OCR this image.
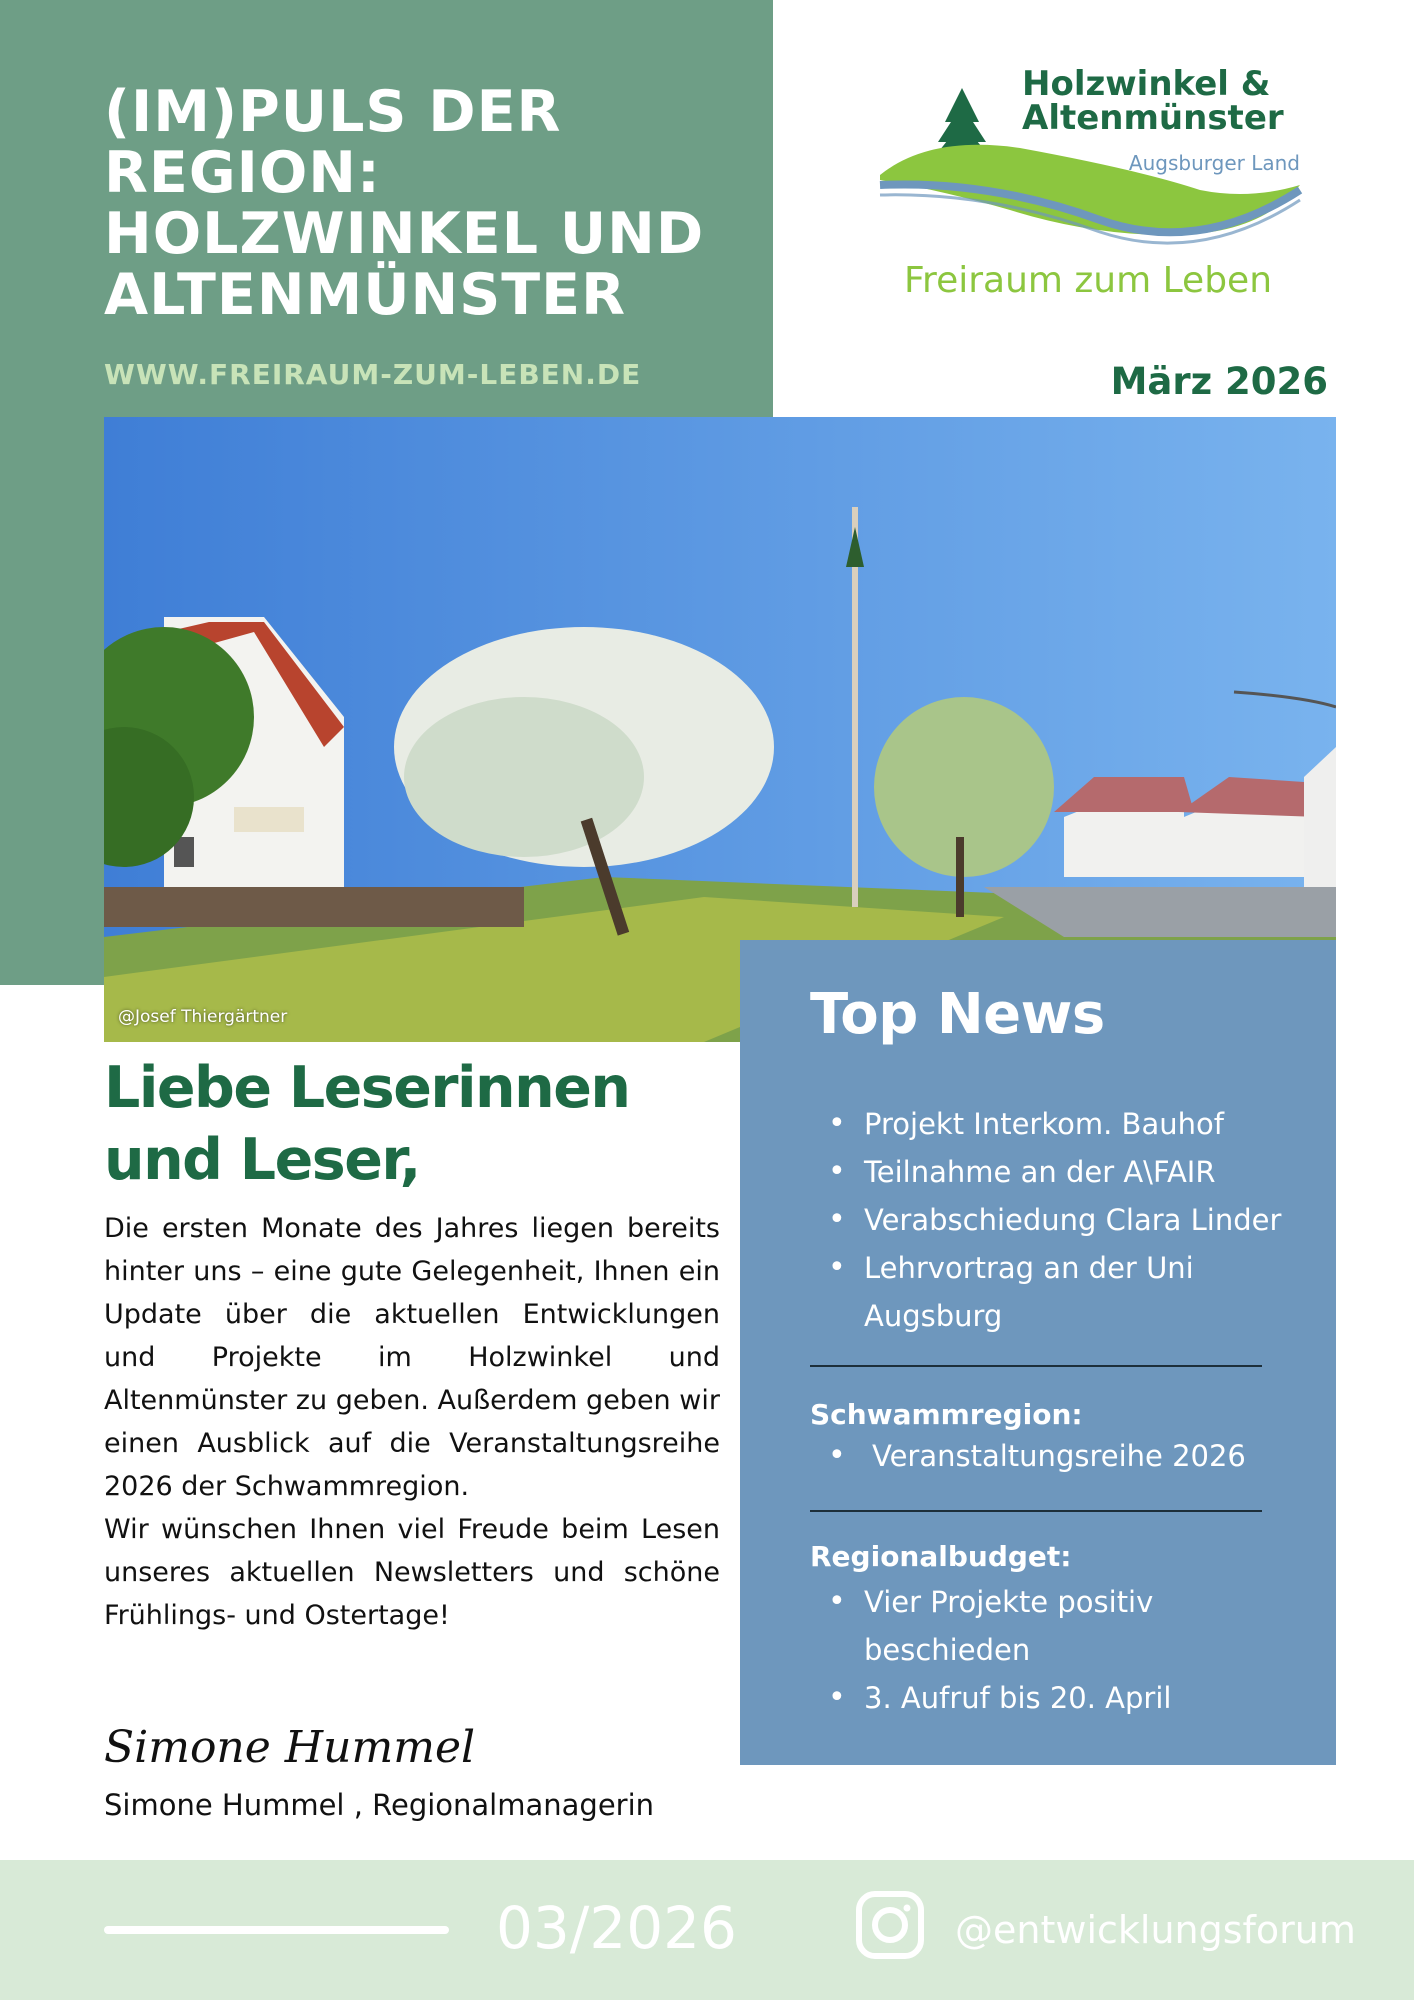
(IM)PULS DER REGION: HOLZWINKEL UND ALTENMÜNSTER
WWW.FREIRAUM-ZUM-LEBEN.DE
Holzwinkel &
Altenmünster
Augsburger Land
Freiraum zum Leben
März 2026
@Josef Thiergärtner	Top News
• Projekt Interkom. Bauhof
• Teilnahme an der A\FAIR
• Verabschiedung Clara Linder
• Lehrvortrag an der Uni Augsburg
Schwammregion:
• Veranstaltungsreihe 2026
Regionalbudget:
• Vier Projekte positiv beschieden
• 3. Aufruf bis 20. April
Liebe Leserinnen und Leser,

Die ersten Monate des Jahres liegen bereits hinter uns – eine gute Gelegenheit, Ihnen ein Update über die aktuellen Entwicklungen und Projekte im Holzwinkel und Altenmünster zu geben. Außerdem geben wir einen Ausblick auf die Veranstaltungsreihe 2026 der Schwammregion.

Wir wünschen Ihnen viel Freude beim Lesen unseres aktuellen Newsletters und schöne Frühlings- und Ostertage!

Simone Hummel
Simone Hummel , Regionalmanagerin
03/2026	@entwicklungsforum
